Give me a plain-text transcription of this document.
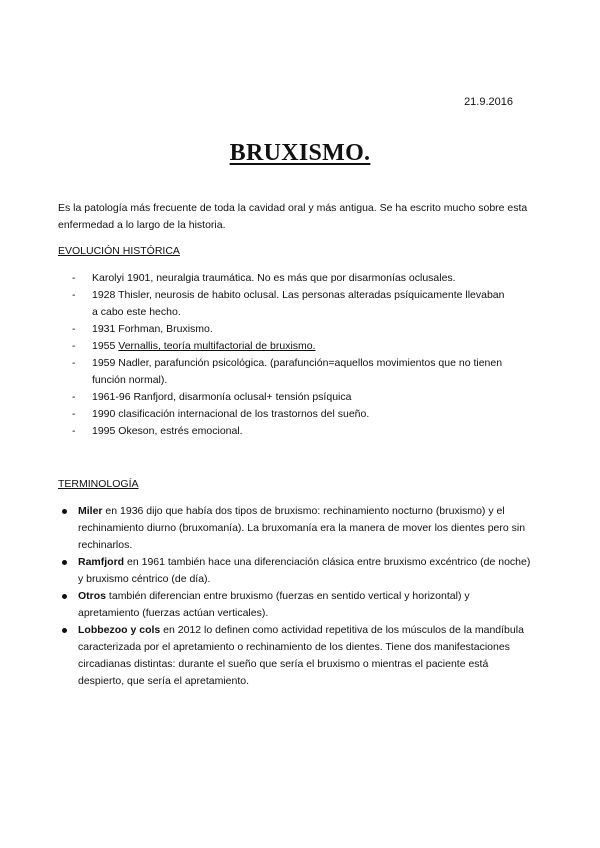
21.9.2016
BRUXISMO.
Es la patología más frecuente de toda la cavidad oral y más antigua. Se ha escrito mucho sobre esta enfermedad a lo largo de la historia.
EVOLUCIÓN HISTÓRICA
- Karolyi 1901, neuralgia traumática. No es más que por disarmonías oclusales.
- 1928 Thisler, neurosis de habito oclusal. Las personas alteradas psíquicamente llevaban a cabo este hecho.
- 1931 Forhman, Bruxismo.
- 1955 Vernallis, teoría multifactorial de bruxismo.
- 1959 Nadler, parafunción psicológica. (parafunción=aquellos movimientos que no tienen función normal).
- 1961-96 Ranfjord, disarmonía oclusal+ tensión psíquica
- 1990 clasificación internacional de los trastornos del sueño.
- 1995 Okeson, estrés emocional.
TERMINOLOGÍA
Miler en 1936 dijo que había dos tipos de bruxismo: rechinamiento nocturno (bruxismo) y el rechinamiento diurno (bruxomanía). La bruxomanía era la manera de mover los dientes pero sin rechinarlos.
Ramfjord en 1961 también hace una diferenciación clásica entre bruxismo excéntrico (de noche) y bruxismo céntrico (de día).
Otros también diferencian entre bruxismo (fuerzas en sentido vertical y horizontal) y apretamiento (fuerzas actúan verticales).
Lobbezoo y cols en 2012 lo definen como actividad repetitiva de los músculos de la mandíbula caracterizada por el apretamiento o rechinamiento de los dientes. Tiene dos manifestaciones circadianas distintas: durante el sueño que sería el bruxismo o mientras el paciente está despierto, que sería el apretamiento.
